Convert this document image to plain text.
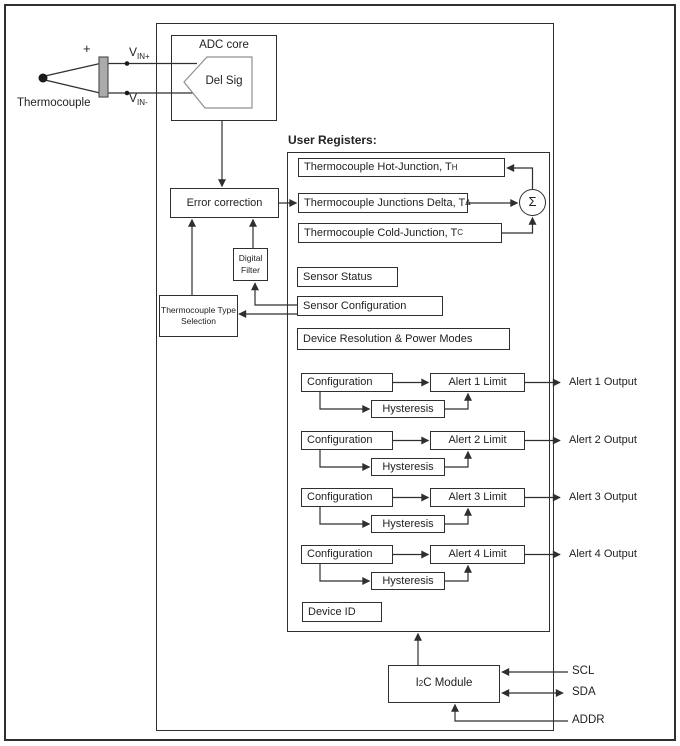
Thermocouple
+	$V_{IN+}$
$V_{IN-}$
ADC core
Del Sig
Error correction
Digital Filter
Thermocouple Type Selection
User Registers:
Thermocouple Hot-Junction, T H
Thermocouple Junctions Delta, T Δ
Thermocouple Cold-Junction, T C
Σ
Sensor Status
Sensor Configuration
Device Resolution & Power Modes
Configuration	Alert 1 Limit
Hysteresis
Alert 1 Output
Configuration	Alert 2 Limit
Hysteresis
Alert 2 Output
Configuration	Alert 3 Limit
Hysteresis
Alert 3 Output
Configuration	Alert 4 Limit
Hysteresis
Alert 4 Output
Device ID
I 2 C Module
SCL
SDA
ADDR
